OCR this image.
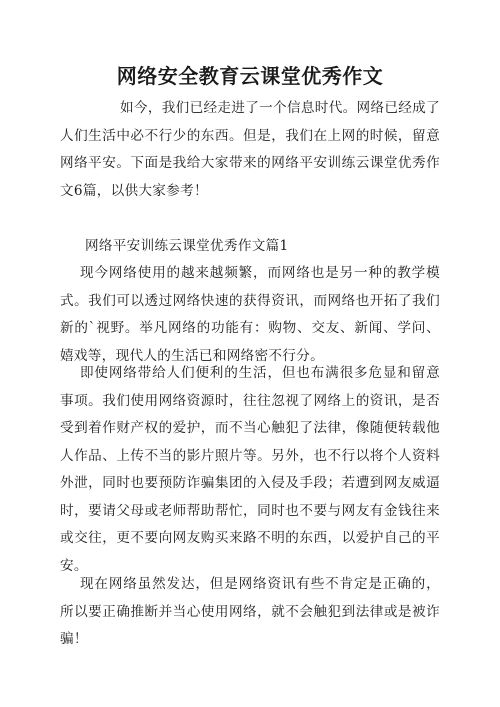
网络安全教育云课堂优秀作文

如今，我们已经走进了一个信息时代。网络已经成了人们生活中必不行少的东西。但是，我们在上网的时候，留意网络平安。下面是我给大家带来的网络平安训练云课堂优秀作文6篇，以供大家参考！

网络平安训练云课堂优秀作文篇1

现今网络使用的越来越频繁，而网络也是另一种的教学模式。我们可以透过网络快速的获得资讯，而网络也开拓了我们新的`视野。举凡网络的功能有：购物、交友、新闻、学问、嬉戏等，现代人的生活已和网络密不行分。

即使网络带给人们便利的生活，但也布满很多危显和留意事项。我们使用网络资源时，往往忽视了网络上的资讯，是否受到着作财产权的爱护，而不当心触犯了法律，像随便转载他人作品、上传不当的影片照片等。另外，也不行以将个人资料外泄，同时也要预防诈骗集团的入侵及手段；若遭到网友威逼时，要请父母或老师帮助帮忙，同时也不要与网友有金钱往来或交往，更不要向网友购买来路不明的东西，以爱护自己的平安。

现在网络虽然发达，但是网络资讯有些不肯定是正确的，所以要正确推断并当心使用网络，就不会触犯到法律或是被诈骗！
